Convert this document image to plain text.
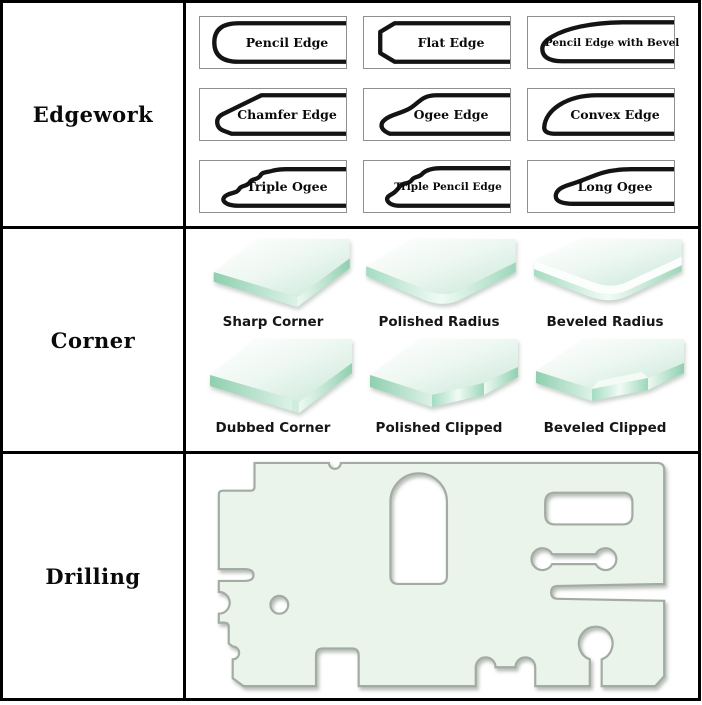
Edgework
Pencil Edge	Flat Edge	Pencil Edge with Bevel
Chamfer Edge	Ogee Edge	Convex Edge
Triple Ogee	Triple Pencil Edge	Long Ogee
Corner
Sharp Corner	Polished Radius	Beveled Radius
Dubbed Corner	Polished Clipped	Beveled Clipped
Drilling
